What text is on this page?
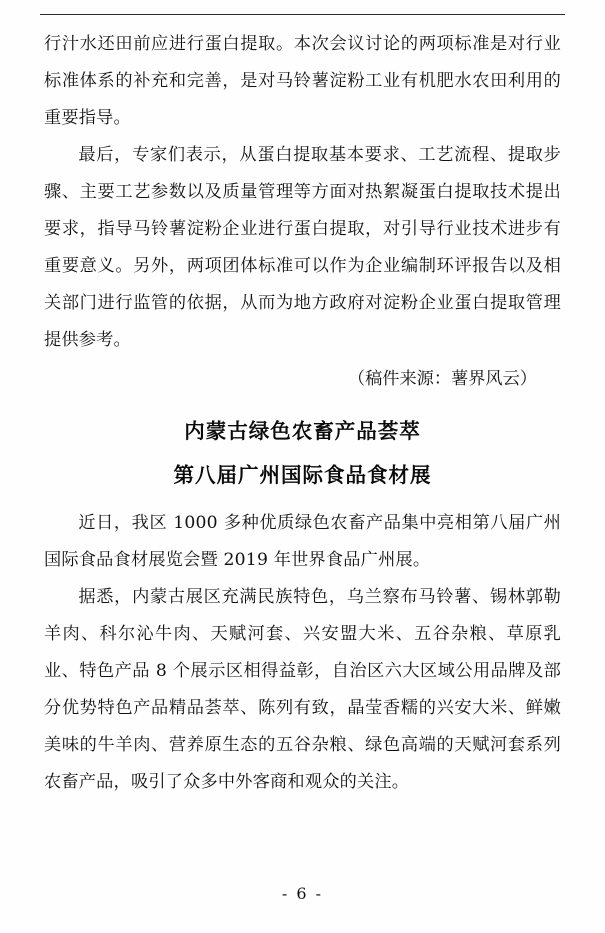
行汁水还田前应进行蛋白提取。本次会议讨论的两项标准是对行业标准体系的补充和完善，是对马铃薯淀粉工业有机肥水农田利用的重要指导。

最后，专家们表示，从蛋白提取基本要求、工艺流程、提取步骤、主要工艺参数以及质量管理等方面对热絮凝蛋白提取技术提出要求，指导马铃薯淀粉企业进行蛋白提取，对引导行业技术进步有重要意义。另外，两项团体标准可以作为企业编制环评报告以及相关部门进行监管的依据，从而为地方政府对淀粉企业蛋白提取管理提供参考。

（稿件来源：薯界风云）

内蒙古绿色农畜产品荟萃
第八届广州国际食品食材展

近日，我区 1000 多种优质绿色农畜产品集中亮相第八届广州国际食品食材展览会暨 2019 年世界食品广州展。

据悉，内蒙古展区充满民族特色，乌兰察布马铃薯、锡林郭勒羊肉、科尔沁牛肉、天赋河套、兴安盟大米、五谷杂粮、草原乳业、特色产品 8 个展示区相得益彰，自治区六大区域公用品牌及部分优势特色产品精品荟萃、陈列有致，晶莹香糯的兴安大米、鲜嫩美味的牛羊肉、营养原生态的五谷杂粮、绿色高端的天赋河套系列农畜产品，吸引了众多中外客商和观众的关注。

- 6 -
